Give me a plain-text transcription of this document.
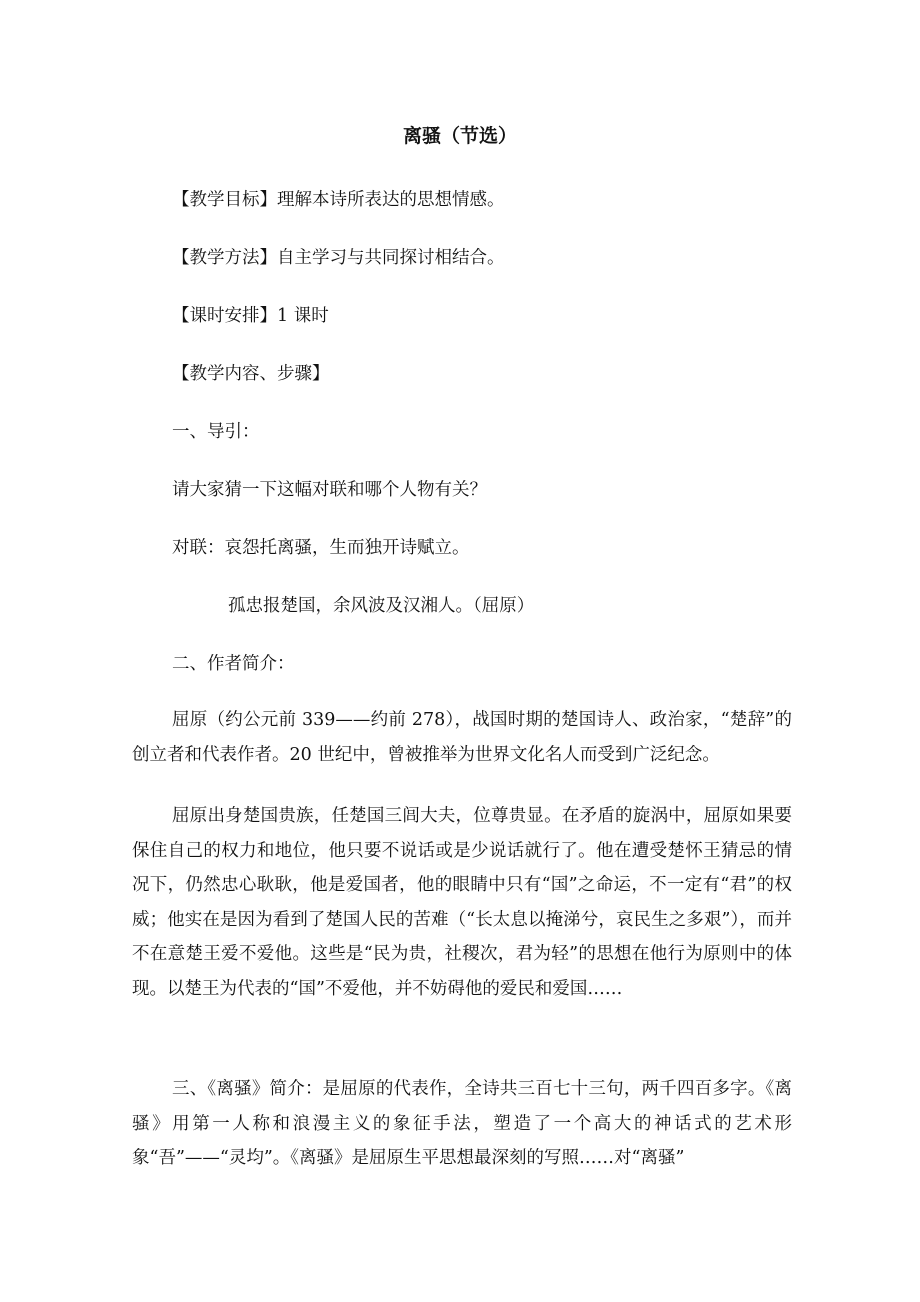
离骚（节选）
【教学目标】理解本诗所表达的思想情感。
【教学方法】自主学习与共同探讨相结合。
【课时安排】1 课时
【教学内容、步骤】
一、导引：
请大家猜一下这幅对联和哪个人物有关？
对联：哀怨托离骚，生而独开诗赋立。
孤忠报楚国，余风波及汉湘人。（屈原）
二、作者简介：
屈原（约公元前 339——约前 278），战国时期的楚国诗人、政治家，“楚辞”的创立者和代表作者。20 世纪中，曾被推举为世界文化名人而受到广泛纪念。
屈原出身楚国贵族，任楚国三闾大夫，位尊贵显。在矛盾的旋涡中，屈原如果要保住自己的权力和地位，他只要不说话或是少说话就行了。他在遭受楚怀王猜忌的情况下，仍然忠心耿耿，他是爱国者，他的眼睛中只有“国”之命运，不一定有“君”的权威；他实在是因为看到了楚国人民的苦难（“长太息以掩涕兮，哀民生之多艰”），而并不在意楚王爱不爱他。这些是“民为贵，社稷次，君为轻”的思想在他行为原则中的体现。以楚王为代表的“国”不爱他，并不妨碍他的爱民和爱国……
三、《离骚》简介：是屈原的代表作，全诗共三百七十三句，两千四百多字。《离骚》用第一人称和浪漫主义的象征手法，塑造了一个高大的神话式的艺术形象“吾”——“灵均”。《离骚》是屈原生平思想最深刻的写照……对“离骚”
